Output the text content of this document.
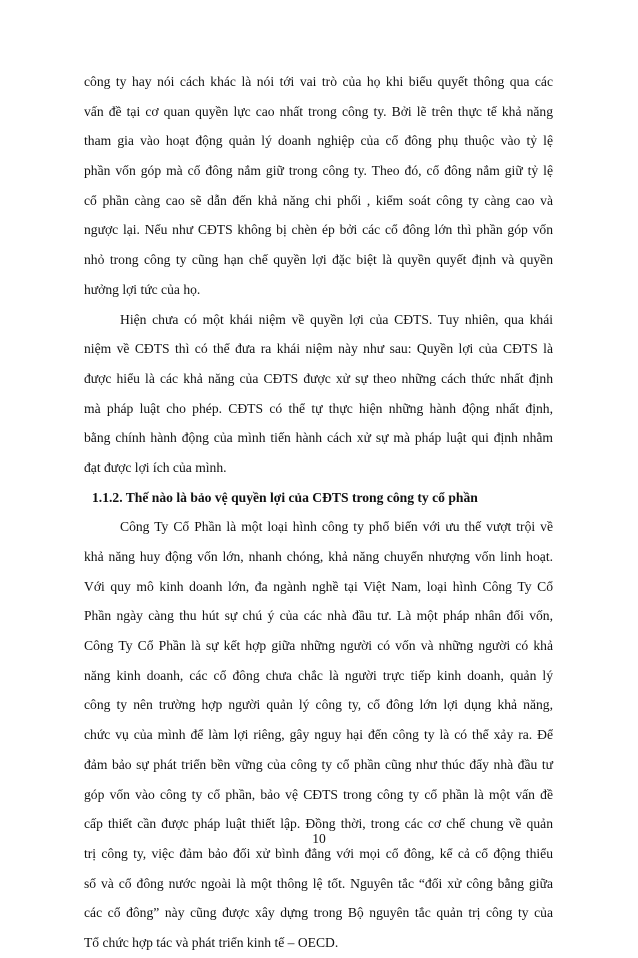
công ty hay nói cách khác là nói tới vai trò của họ khi biểu quyết thông qua các
vấn đề tại cơ quan quyền lực cao nhất trong công ty. Bởi lẽ trên thực tế khả năng
tham gia vào hoạt động quản lý doanh nghiệp của cổ đông phụ thuộc vào tỷ lệ
phần vốn góp mà cổ đông nắm giữ trong công ty. Theo đó, cổ đông nắm giữ tỷ lệ
cổ phần càng cao sẽ dẫn đến khả năng chi phối , kiểm soát công ty càng cao và
ngược lại. Nếu như CĐTS không bị chèn ép bởi các cổ đông lớn thì phần góp vốn
nhỏ trong công ty cũng hạn chế quyền lợi đặc biệt là quyền quyết định và quyền
hưởng lợi tức của họ.
Hiện chưa có một khái niệm về quyền lợi của CĐTS. Tuy nhiên, qua khái
niệm về CĐTS thì có thể đưa ra khái niệm này như sau: Quyền lợi của CĐTS là
được hiểu là các khả năng của CĐTS được xử sự theo những cách thức nhất định
mà pháp luật cho phép. CĐTS có thể tự thực hiện những hành động nhất định,
bằng chính hành động của mình tiến hành cách xử sự mà pháp luật qui định nhằm
đạt được lợi ích của mình.
1.1.2. Thế nào là bảo vệ quyền lợi của CĐTS trong công ty cổ phần
Công Ty Cổ Phần là một loại hình công ty phổ biến với ưu thế vượt trội về
khả năng huy động vốn lớn, nhanh chóng, khả năng chuyển nhượng vốn linh hoạt.
Với quy mô kinh doanh lớn, đa ngành nghề tại Việt Nam, loại hình Công Ty Cổ
Phần ngày càng thu hút sự chú ý của các nhà đầu tư. Là một pháp nhân đối vốn,
Công Ty Cổ Phần là sự kết hợp giữa những người có vốn và những người có khả
năng kinh doanh, các cổ đông chưa chắc là người trực tiếp kinh doanh, quản lý
công ty nên trường hợp người quản lý công ty, cổ đông lớn lợi dụng khả năng,
chức vụ của mình để làm lợi riêng, gây nguy hại đến công ty là có thể xảy ra. Để
đảm bảo sự phát triển bền vững của công ty cổ phần cũng như thúc đẩy nhà đầu tư
góp vốn vào công ty cổ phần, bảo vệ CĐTS trong công ty cổ phần là một vấn đề
cấp thiết cần được pháp luật thiết lập. Đồng thời, trong các cơ chế chung về quản
trị công ty, việc đảm bảo đối xử bình đẳng với mọi cổ đông, kể cả cổ động thiểu
số và cổ đông nước ngoài là một thông lệ tốt. Nguyên tắc “đối xử công bằng giữa
các cổ đông” này cũng được xây dựng trong Bộ nguyên tắc quản trị công ty của
Tổ chức hợp tác và phát triển kinh tế – OECD.
10
